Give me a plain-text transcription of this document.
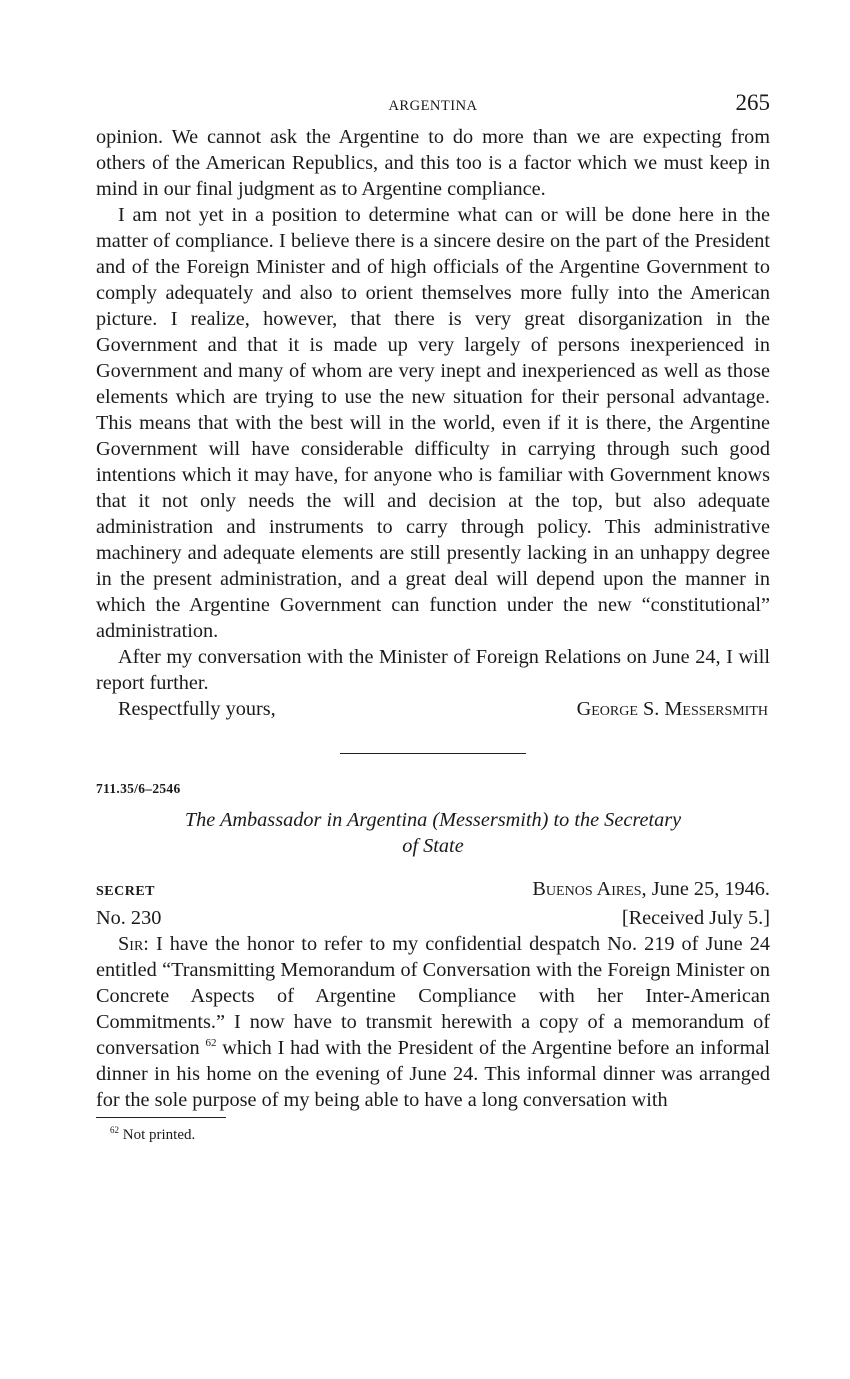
ARGENTINA	265

opinion. We cannot ask the Argentine to do more than we are expecting from others of the American Republics, and this too is a factor which we must keep in mind in our final judgment as to Argentine compliance.

I am not yet in a position to determine what can or will be done here in the matter of compliance. I believe there is a sincere desire on the part of the President and of the Foreign Minister and of high officials of the Argentine Government to comply adequately and also to orient themselves more fully into the American picture. I realize, however, that there is very great disorganization in the Government and that it is made up very largely of persons inexperienced in Government and many of whom are very inept and inexperienced as well as those elements which are trying to use the new situation for their personal advantage. This means that with the best will in the world, even if it is there, the Argentine Government will have considerable difficulty in carrying through such good intentions which it may have, for anyone who is familiar with Government knows that it not only needs the will and decision at the top, but also adequate administration and instruments to carry through policy. This administrative machinery and adequate elements are still presently lacking in an unhappy degree in the present administration, and a great deal will depend upon the manner in which the Argentine Government can function under the new “constitutional” administration.

After my conversation with the Minister of Foreign Relations on June 24, I will report further.

Respectfully yours,	George S. Messersmith
711.35/6–2546
The Ambassador in Argentina (Messersmith) to the Secretary
of State
SECRET	Buenos Aires, June 25, 1946.
No. 230	[Received July 5.]

Sir: I have the honor to refer to my confidential despatch No. 219 of June 24 entitled “Transmitting Memorandum of Conversation with the Foreign Minister on Concrete Aspects of Argentine Compliance with her Inter-American Commitments.” I now have to transmit herewith a copy of a memorandum of conversation $^{62}$ which I had with the President of the Argentine before an informal dinner in his home on the evening of June 24. This informal dinner was arranged for the sole purpose of my being able to have a long conversation with

$^{62}$ Not printed.
